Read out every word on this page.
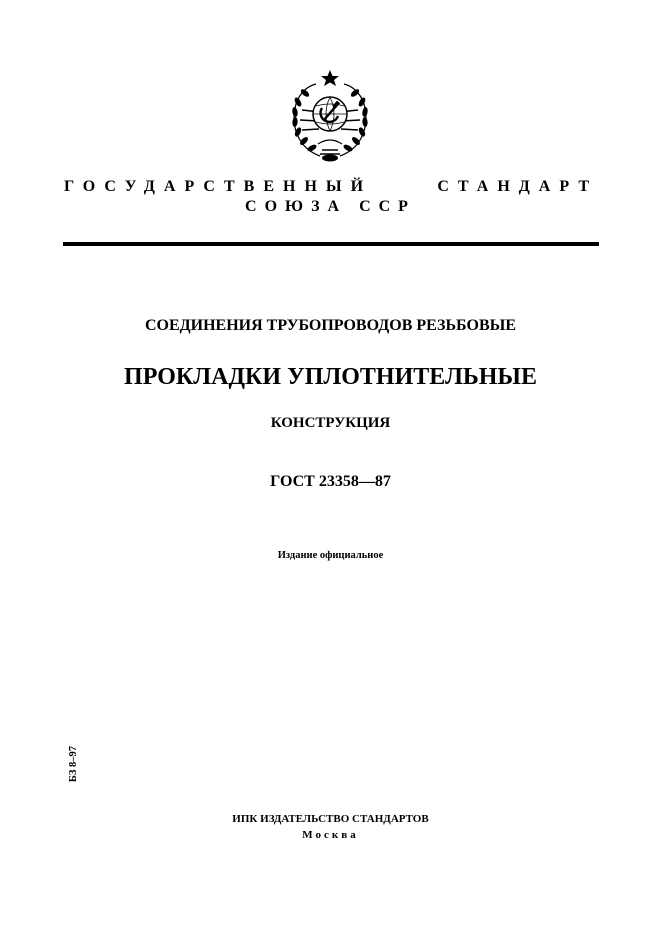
ГОСУДАРСТВЕННЫЙ СТАНДАРТ

СОЮЗА ССР

СОЕДИНЕНИЯ ТРУБОПРОВОДОВ РЕЗЬБОВЫЕ

ПРОКЛАДКИ УПЛОТНИТЕЛЬНЫЕ

КОНСТРУКЦИЯ

ГОСТ 23358—87

Издание официальное

БЗ 8–97

ИПК ИЗДАТЕЛЬСТВО СТАНДАРТОВ

Москва
